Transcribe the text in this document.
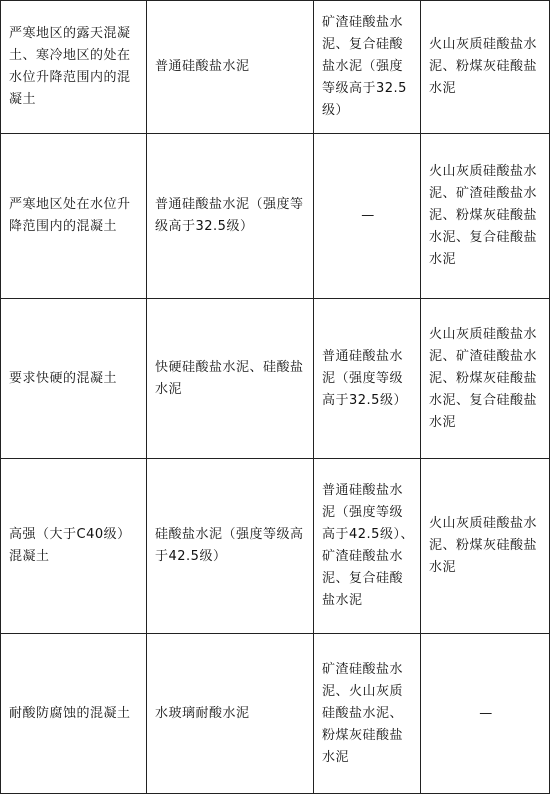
严寒地区的露天混凝土、寒冷地区的处在水位升降范围内的混凝土	普通硅酸盐水泥	矿渣硅酸盐水泥、复合硅酸盐水泥（强度等级高于32.5级）	火山灰质硅酸盐水泥、粉煤灰硅酸盐水泥

严寒地区处在水位升降范围内的混凝土	普通硅酸盐水泥（强度等级高于32.5级）	—	火山灰质硅酸盐水泥、矿渣硅酸盐水泥、粉煤灰硅酸盐水泥、复合硅酸盐水泥

要求快硬的混凝土	快硬硅酸盐水泥、硅酸盐水泥	普通硅酸盐水泥（强度等级高于32.5级）	火山灰质硅酸盐水泥、矿渣硅酸盐水泥、粉煤灰硅酸盐水泥、复合硅酸盐水泥

高强（大于C40级）混凝土	硅酸盐水泥（强度等级高于42.5级）	普通硅酸盐水泥（强度等级高于42.5级）、矿渣硅酸盐水泥、复合硅酸盐水泥	火山灰质硅酸盐水泥、粉煤灰硅酸盐水泥

耐酸防腐蚀的混凝土	水玻璃耐酸水泥	矿渣硅酸盐水泥、火山灰质硅酸盐水泥、粉煤灰硅酸盐水泥	—
